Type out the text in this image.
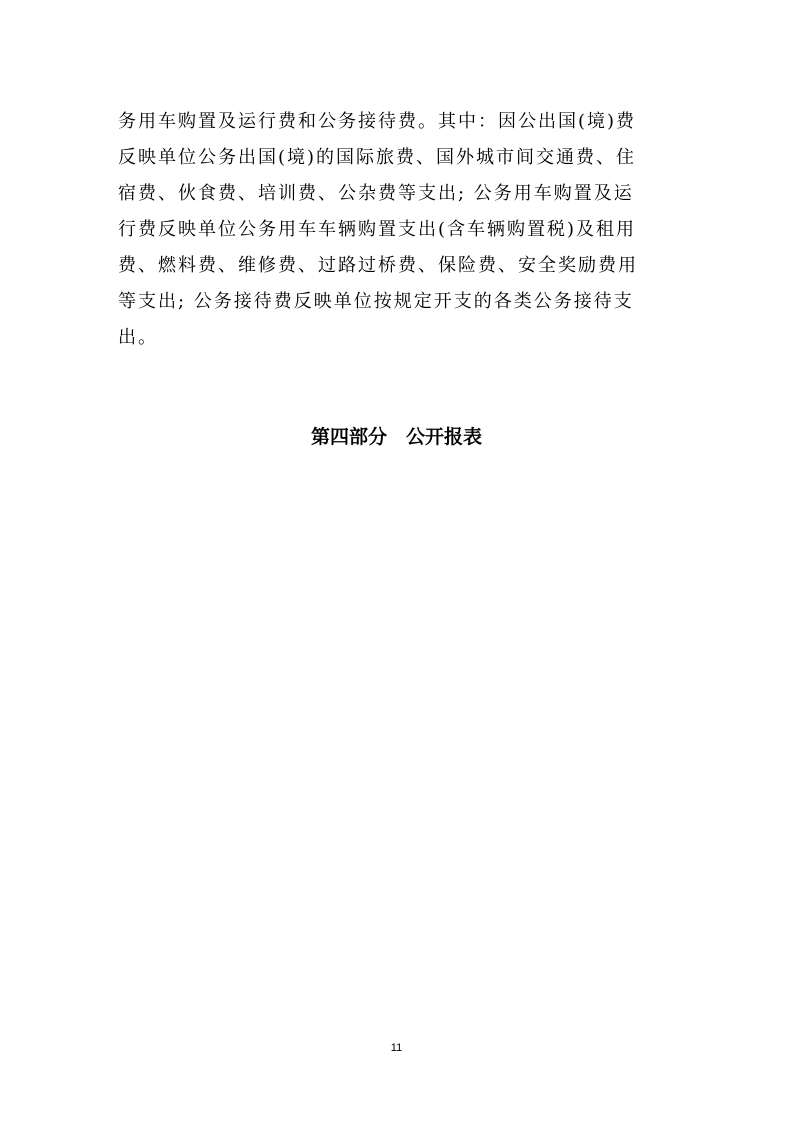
务用车购置及运行费和公务接待费。其中：因公出国(境)费
反映单位公务出国(境)的国际旅费、国外城市间交通费、住
宿费、伙食费、培训费、公杂费等支出; 公务用车购置及运
行费反映单位公务用车车辆购置支出(含车辆购置税)及租用
费、燃料费、维修费、过路过桥费、保险费、安全奖励费用
等支出; 公务接待费反映单位按规定开支的各类公务接待支
出。
第四部分　公开报表
11
